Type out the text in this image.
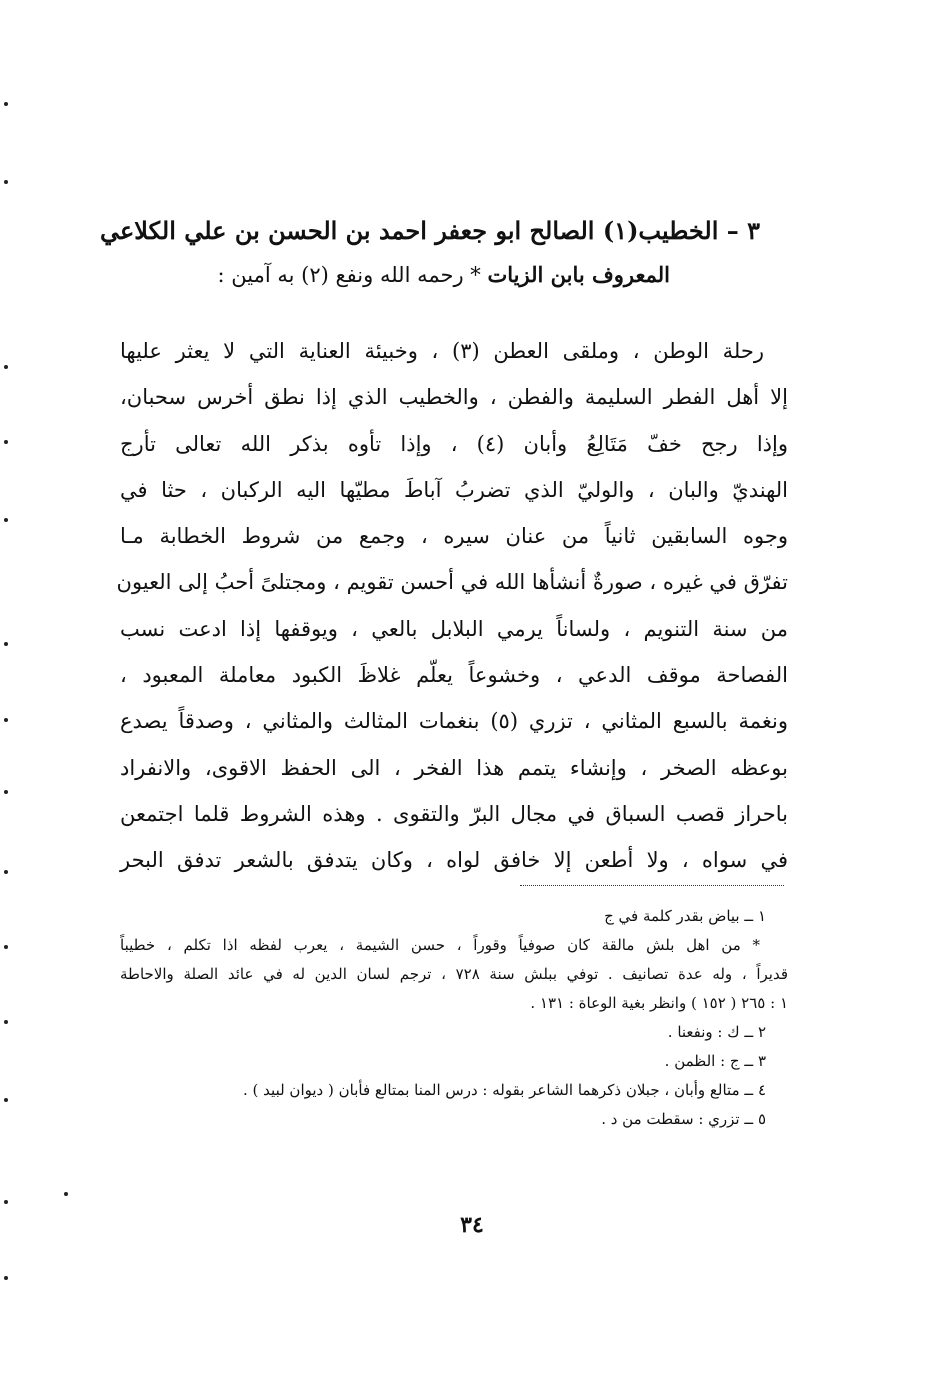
٣ – الخطيب(١) الصالح ابو جعفر احمد بن الحسن بن علي الكلاعي
المعروف بابن الزيات * رحمه الله ونفع (٢) به آمين :
رحلة الوطن ، وملقى العطن (٣) ، وخبيئة العناية التي لا يعثر عليها
إلا أهل الفطر السليمة والفطن ، والخطيب الذي إذا نطق أخرس سحبان،
وإذا رجح خفّ مَتَالِعُ وأبان (٤) ، وإذا تأوه بذكر الله تعالى تأرج
الهنديّ والبان ، والوليّ الذي تضربُ آباطَ مطيّها اليه الركبان ، حثا في
وجوه السابقين ثانياً من عنان سيره ، وجمع من شروط الخطابة مـا
تفرّق في غيره ، صورةٌ أنشأها الله في أحسن تقويم ، ومجتلىً أحبُ إلى العيون
من سنة التنويم ، ولساناً يرمي البلابل بالعي ، ويوقفها إذا ادعت نسب
الفصاحة موقف الدعي ، وخشوعاً يعلّم غلاظَ الكبود معاملة المعبود ،
ونغمة بالسبع المثاني ، تزري (٥) بنغمات المثالث والمثاني ، وصدقاً يصدع
بوعظه الصخر ، وإنشاء يتمم هذا الفخر ، الى الحفظ الاقوى، والانفراد
باحراز قصب السباق في مجال البرّ والتقوى . وهذه الشروط قلما اجتمعن
في سواه ، ولا أطعن إلا خافق لواه ، وكان يتدفق بالشعر تدفق البحر
١ ــ بياض بقدر كلمة في ج
* من اهل بلش مالقة كان صوفياً وقوراً ، حسن الشيمة ، يعرب لفظه اذا تكلم ، خطيباً
قديراً ، وله عدة تصانيف . توفي ببلش سنة ٧٢٨ ، ترجم لسان الدين له في عائد الصلة والاحاطة
١ : ٢٦٥ ( ١٥٢ ) وانظر بغية الوعاة : ١٣١ .
٢ ــ ك : ونفعنا .
٣ ــ ج : الظمن .
٤ ــ متالع وأبان ، جبلان ذكرهما الشاعر بقوله : درس المنا بمتالع فأبان ( ديوان لبيد ) .
٥ ــ تزري : سقطت من د .
٣٤
